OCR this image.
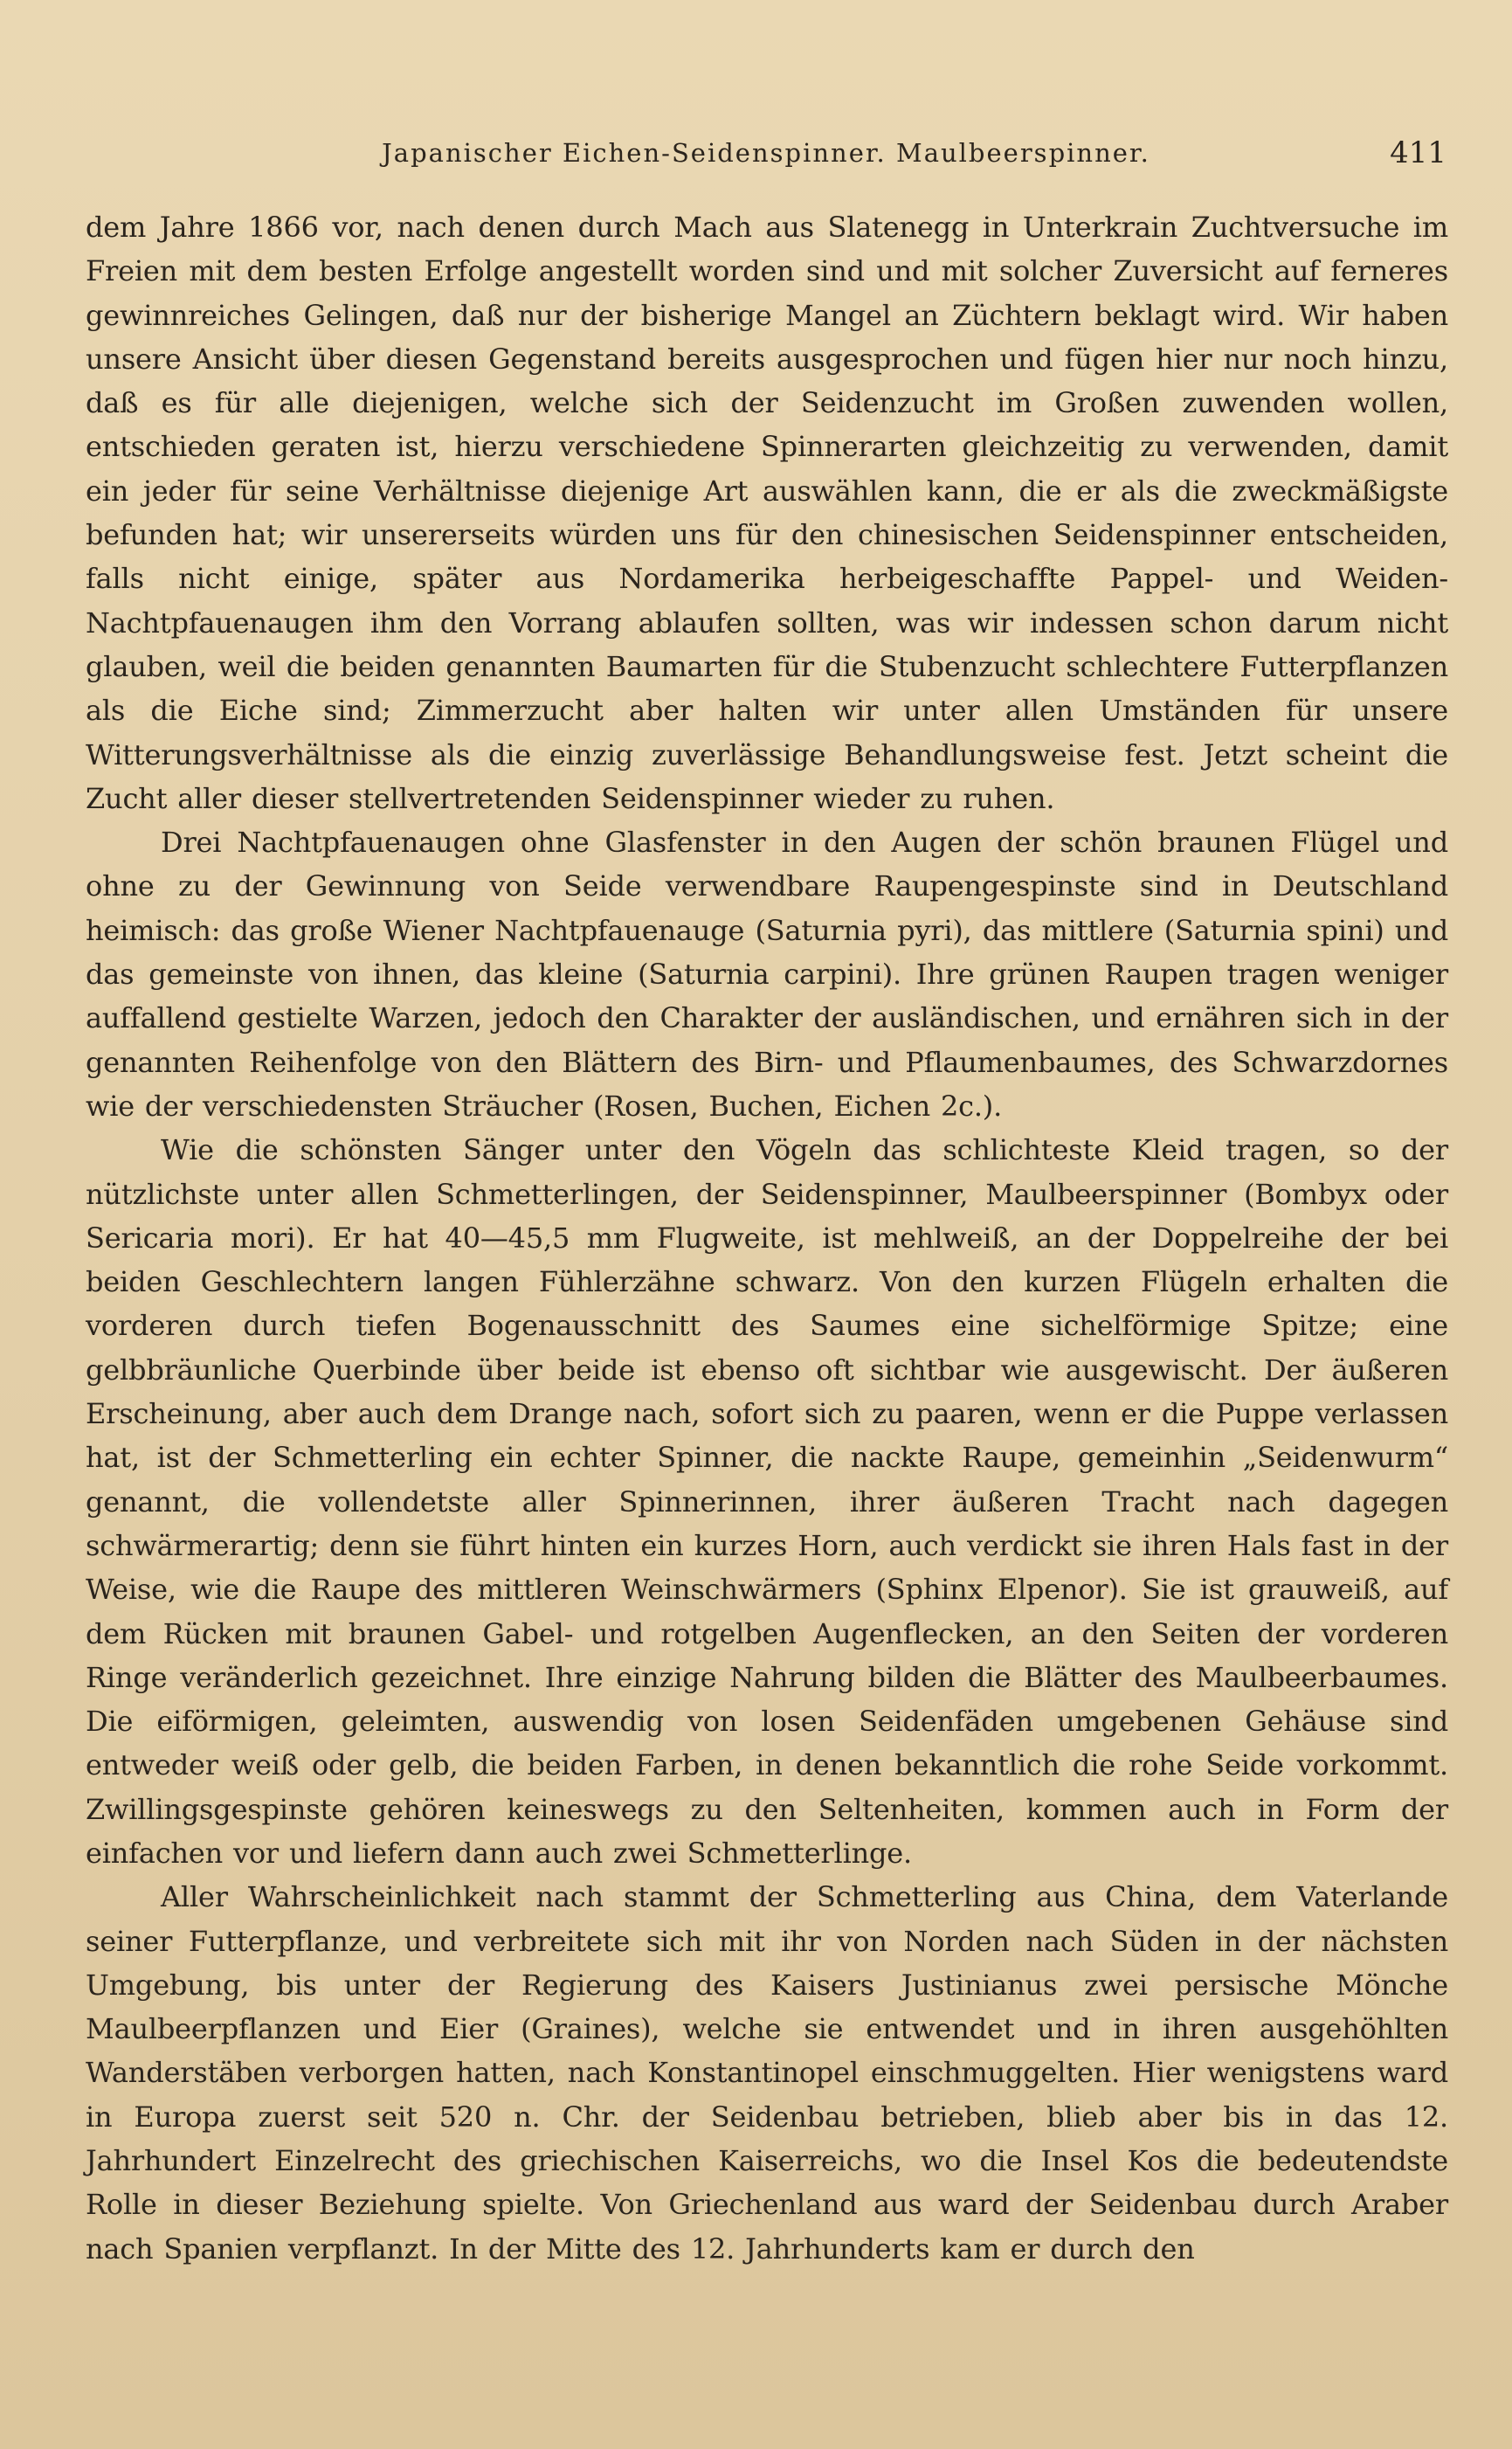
Japanischer Eichen-Seidenspinner. Maulbeerspinner.	411

dem Jahre 1866 vor, nach denen durch Mach aus Slatenegg in Unterkrain Zuchtversuche im Freien mit dem besten Erfolge angestellt worden sind und mit solcher Zuversicht auf ferneres gewinnreiches Gelingen, daß nur der bisherige Mangel an Züchtern beklagt wird. Wir haben unsere Ansicht über diesen Gegenstand bereits ausgesprochen und fügen hier nur noch hinzu, daß es für alle diejenigen, welche sich der Seidenzucht im Großen zuwenden wollen, entschieden geraten ist, hierzu verschiedene Spinnerarten gleichzeitig zu verwenden, damit ein jeder für seine Verhältnisse diejenige Art auswählen kann, die er als die zweckmäßigste befunden hat; wir unsererseits würden uns für den chinesischen Seidenspinner entscheiden, falls nicht einige, später aus Nordamerika herbeigeschaffte Pappel- und Weiden-Nachtpfauenaugen ihm den Vorrang ablaufen sollten, was wir indessen schon darum nicht glauben, weil die beiden genannten Baumarten für die Stubenzucht schlechtere Futterpflanzen als die Eiche sind; Zimmerzucht aber halten wir unter allen Umständen für unsere Witterungsverhältnisse als die einzig zuverlässige Behandlungsweise fest. Jetzt scheint die Zucht aller dieser stellvertretenden Seidenspinner wieder zu ruhen.

Drei Nachtpfauenaugen ohne Glasfenster in den Augen der schön braunen Flügel und ohne zu der Gewinnung von Seide verwendbare Raupengespinste sind in Deutschland heimisch: das große Wiener Nachtpfauenauge (Saturnia pyri), das mittlere (Saturnia spini) und das gemeinste von ihnen, das kleine (Saturnia carpini). Ihre grünen Raupen tragen weniger auffallend gestielte Warzen, jedoch den Charakter der ausländischen, und ernähren sich in der genannten Reihenfolge von den Blättern des Birn- und Pflaumenbaumes, des Schwarzdornes wie der verschiedensten Sträucher (Rosen, Buchen, Eichen 2c.).

Wie die schönsten Sänger unter den Vögeln das schlichteste Kleid tragen, so der nützlichste unter allen Schmetterlingen, der Seidenspinner, Maulbeerspinner (Bombyx oder Sericaria mori). Er hat 40—45,5 mm Flugweite, ist mehlweiß, an der Doppelreihe der bei beiden Geschlechtern langen Fühlerzähne schwarz. Von den kurzen Flügeln erhalten die vorderen durch tiefen Bogenausschnitt des Saumes eine sichelförmige Spitze; eine gelbbräunliche Querbinde über beide ist ebenso oft sichtbar wie ausgewischt. Der äußeren Erscheinung, aber auch dem Drange nach, sofort sich zu paaren, wenn er die Puppe verlassen hat, ist der Schmetterling ein echter Spinner, die nackte Raupe, gemeinhin „Seidenwurm“ genannt, die vollendetste aller Spinnerinnen, ihrer äußeren Tracht nach dagegen schwärmerartig; denn sie führt hinten ein kurzes Horn, auch verdickt sie ihren Hals fast in der Weise, wie die Raupe des mittleren Weinschwärmers (Sphinx Elpenor). Sie ist grauweiß, auf dem Rücken mit braunen Gabel- und rotgelben Augenflecken, an den Seiten der vorderen Ringe veränderlich gezeichnet. Ihre einzige Nahrung bilden die Blätter des Maulbeerbaumes. Die eiförmigen, geleimten, auswendig von losen Seidenfäden umgebenen Gehäuse sind entweder weiß oder gelb, die beiden Farben, in denen bekanntlich die rohe Seide vorkommt. Zwillingsgespinste gehören keineswegs zu den Seltenheiten, kommen auch in Form der einfachen vor und liefern dann auch zwei Schmetterlinge.

Aller Wahrscheinlichkeit nach stammt der Schmetterling aus China, dem Vaterlande seiner Futterpflanze, und verbreitete sich mit ihr von Norden nach Süden in der nächsten Umgebung, bis unter der Regierung des Kaisers Justinianus zwei persische Mönche Maulbeerpflanzen und Eier (Graines), welche sie entwendet und in ihren ausgehöhlten Wanderstäben verborgen hatten, nach Konstantinopel einschmuggelten. Hier wenigstens ward in Europa zuerst seit 520 n. Chr. der Seidenbau betrieben, blieb aber bis in das 12. Jahrhundert Einzelrecht des griechischen Kaiserreichs, wo die Insel Kos die bedeutendste Rolle in dieser Beziehung spielte. Von Griechenland aus ward der Seidenbau durch Araber nach Spanien verpflanzt. In der Mitte des 12. Jahrhunderts kam er durch den
